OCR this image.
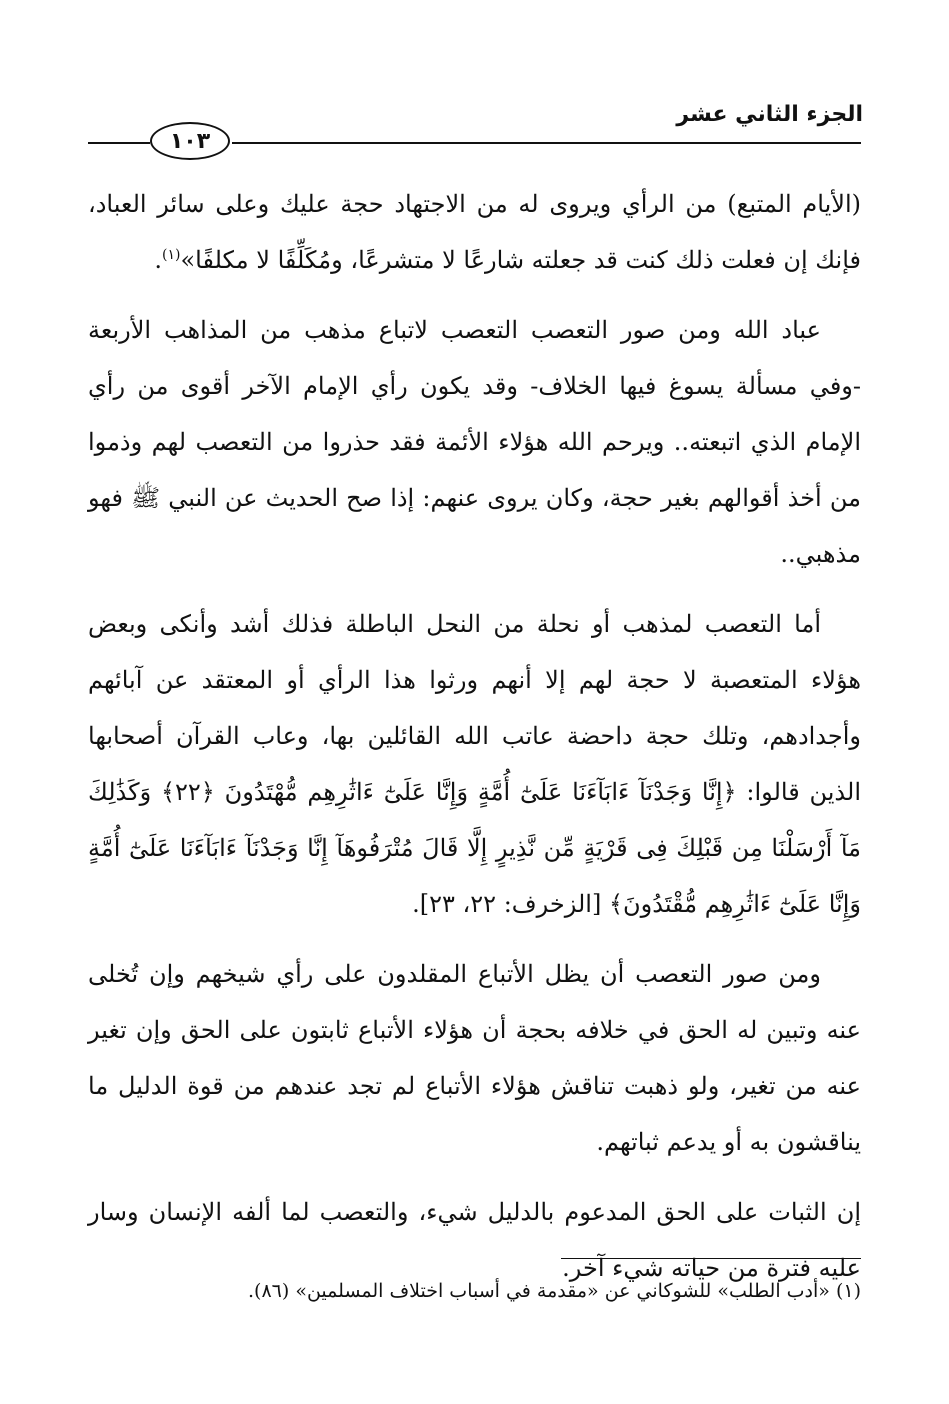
الجزء الثاني عشر
١٠٣

(الأيام المتبع) من الرأي ويروى له من الاجتهاد حجة عليك وعلى سائر العباد، فإنك إن فعلت ذلك كنت قد جعلته شارعًا لا متشرعًا، ومُكَلِّفًا لا مكلفًا»$^{(١)}$.

عباد الله ومن صور التعصب التعصب لاتباع مذهب من المذاهب الأربعة -وفي مسألة يسوغ فيها الخلاف- وقد يكون رأي الإمام الآخر أقوى من رأي الإمام الذي اتبعته.. ويرحم الله هؤلاء الأئمة فقد حذروا من التعصب لهم وذموا من أخذ أقوالهم بغير حجة، وكان يروى عنهم: إذا صح الحديث عن النبي ﷺ فهو مذهبي..

أما التعصب لمذهب أو نحلة من النحل الباطلة فذلك أشد وأنكى وبعض هؤلاء المتعصبة لا حجة لهم إلا أنهم ورثوا هذا الرأي أو المعتقد عن آبائهم وأجدادهم، وتلك حجة داحضة عاتب الله القائلين بها، وعاب القرآن أصحابها الذين قالوا: ﴿إِنَّا وَجَدْنَآ ءَابَآءَنَا عَلَىٰٓ أُمَّةٍ وَإِنَّا عَلَىٰٓ ءَاثَٰرِهِم مُّهْتَدُونَ ﴿٢٢﴾ وَكَذَٰلِكَ مَآ أَرْسَلْنَا مِن قَبْلِكَ فِى قَرْيَةٍ مِّن نَّذِيرٍ إِلَّا قَالَ مُتْرَفُوهَآ إِنَّا وَجَدْنَآ ءَابَآءَنَا عَلَىٰٓ أُمَّةٍ وَإِنَّا عَلَىٰٓ ءَاثَٰرِهِم مُّقْتَدُونَ﴾ [الزخرف: ٢٢، ٢٣].

ومن صور التعصب أن يظل الأتباع المقلدون على رأي شيخهم وإن تُخلى عنه وتبين له الحق في خلافه بحجة أن هؤلاء الأتباع ثابتون على الحق وإن تغير عنه من تغير، ولو ذهبت تناقش هؤلاء الأتباع لم تجد عندهم من قوة الدليل ما يناقشون به أو يدعم ثباتهم.

إن الثبات على الحق المدعوم بالدليل شيء، والتعصب لما ألفه الإنسان وسار عليه فترة من حياته شيء آخر.

(١) «أدب الطلب» للشوكاني عن «مقدمة في أسباب اختلاف المسلمين» (٨٦).
